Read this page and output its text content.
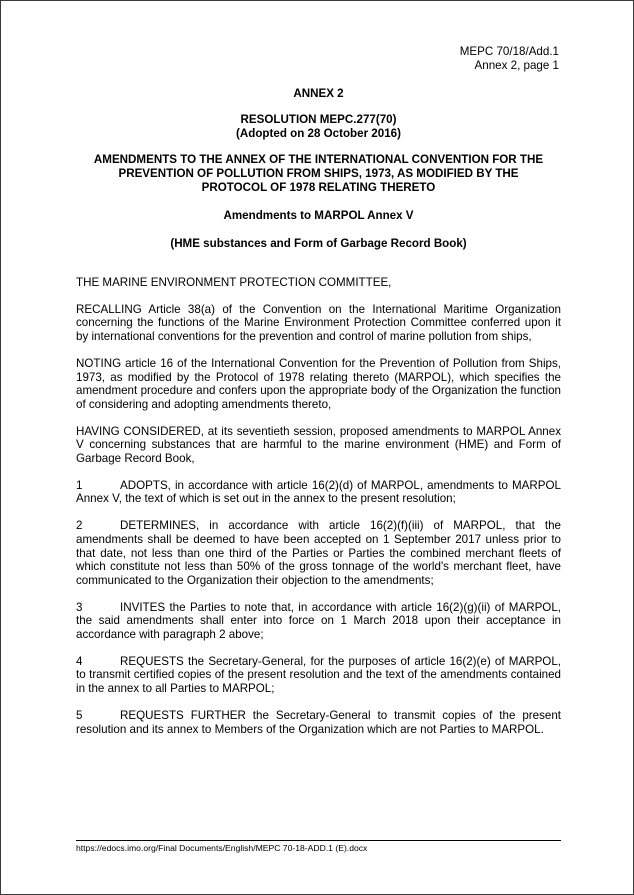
MEPC 70/18/Add.1
Annex 2, page 1
ANNEX 2
RESOLUTION MEPC.277(70)
(Adopted on 28 October 2016)
AMENDMENTS TO THE ANNEX OF THE INTERNATIONAL CONVENTION FOR THE
PREVENTION OF POLLUTION FROM SHIPS, 1973, AS MODIFIED BY THE
PROTOCOL OF 1978 RELATING THERETO
Amendments to MARPOL Annex V
(HME substances and Form of Garbage Record Book)
THE MARINE ENVIRONMENT PROTECTION COMMITTEE,
RECALLING Article 38(a) of the Convention on the International Maritime Organization concerning the functions of the Marine Environment Protection Committee conferred upon it by international conventions for the prevention and control of marine pollution from ships,
NOTING article 16 of the International Convention for the Prevention of Pollution from Ships, 1973, as modified by the Protocol of 1978 relating thereto (MARPOL), which specifies the amendment procedure and confers upon the appropriate body of the Organization the function of considering and adopting amendments thereto,
HAVING CONSIDERED, at its seventieth session, proposed amendments to MARPOL Annex V concerning substances that are harmful to the marine environment (HME) and Form of Garbage Record Book,
1	ADOPTS, in accordance with article 16(2)(d) of MARPOL, amendments to MARPOL Annex V, the text of which is set out in the annex to the present resolution;
2	DETERMINES, in accordance with article 16(2)(f)(iii) of MARPOL, that the amendments shall be deemed to have been accepted on 1 September 2017 unless prior to that date, not less than one third of the Parties or Parties the combined merchant fleets of which constitute not less than 50% of the gross tonnage of the world's merchant fleet, have communicated to the Organization their objection to the amendments;
3	INVITES the Parties to note that, in accordance with article 16(2)(g)(ii) of MARPOL, the said amendments shall enter into force on 1 March 2018 upon their acceptance in accordance with paragraph 2 above;
4	REQUESTS the Secretary-General, for the purposes of article 16(2)(e) of MARPOL, to transmit certified copies of the present resolution and the text of the amendments contained in the annex to all Parties to MARPOL;
5	REQUESTS FURTHER the Secretary-General to transmit copies of the present resolution and its annex to Members of the Organization which are not Parties to MARPOL.
https://edocs.imo.org/Final Documents/English/MEPC 70-18-ADD.1 (E).docx
